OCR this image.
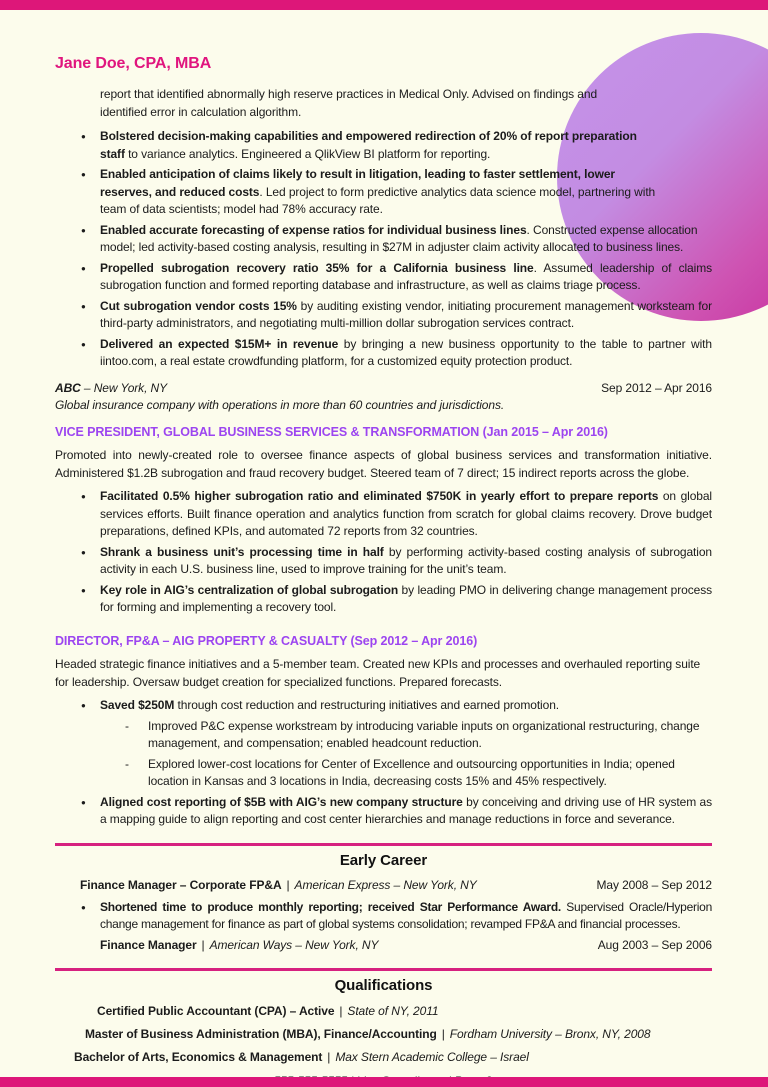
Jane Doe, CPA, MBA
report that identified abnormally high reserve practices in Medical Only. Advised on findings and identified error in calculation algorithm.
● Bolstered decision-making capabilities and empowered redirection of 20% of report preparation staff to variance analytics. Engineered a QlikView BI platform for reporting.
● Enabled anticipation of claims likely to result in litigation, leading to faster settlement, lower reserves, and reduced costs. Led project to form predictive analytics data science model, partnering with team of data scientists; model had 78% accuracy rate.
● Enabled accurate forecasting of expense ratios for individual business lines. Constructed expense allocation model; led activity-based costing analysis, resulting in $27M in adjuster claim activity allocated to business lines.
● Propelled subrogation recovery ratio 35% for a California business line. Assumed leadership of claims subrogation function and formed reporting database and infrastructure, as well as claims triage process.
● Cut subrogation vendor costs 15% by auditing existing vendor, initiating procurement management worksteam for third-party administrators, and negotiating multi-million dollar subrogation services contract.
● Delivered an expected $15M+ in revenue by bringing a new business opportunity to the table to partner with iintoo.com, a real estate crowdfunding platform, for a customized equity protection product.
ABC – New York, NY	Sep 2012 – Apr 2016
Global insurance company with operations in more than 60 countries and jurisdictions.
VICE PRESIDENT, GLOBAL BUSINESS SERVICES & TRANSFORMATION (Jan 2015 – Apr 2016)
Promoted into newly-created role to oversee finance aspects of global business services and transformation initiative. Administered $1.2B subrogation and fraud recovery budget. Steered team of 7 direct; 15 indirect reports across the globe.
● Facilitated 0.5% higher subrogation ratio and eliminated $750K in yearly effort to prepare reports on global services efforts. Built finance operation and analytics function from scratch for global claims recovery. Drove budget preparations, defined KPIs, and automated 72 reports from 32 countries.
● Shrank a business unit’s processing time in half by performing activity-based costing analysis of subrogation activity in each U.S. business line, used to improve training for the unit’s team.
● Key role in AIG’s centralization of global subrogation by leading PMO in delivering change management process for forming and implementing a recovery tool.
DIRECTOR, FP&A – AIG PROPERTY & CASUALTY (Sep 2012 – Apr 2016)
Headed strategic finance initiatives and a 5-member team. Created new KPIs and processes and overhauled reporting suite for leadership. Oversaw budget creation for specialized functions. Prepared forecasts.
● Saved $250M through cost reduction and restructuring initiatives and earned promotion.
- Improved P&C expense workstream by introducing variable inputs on organizational restructuring, change management, and compensation; enabled headcount reduction.
- Explored lower-cost locations for Center of Excellence and outsourcing opportunities in India; opened location in Kansas and 3 locations in India, decreasing costs 15% and 45% respectively.
● Aligned cost reporting of $5B with AIG’s new company structure by conceiving and driving use of HR system as a mapping guide to align reporting and cost center hierarchies and manage reductions in force and severance.
Early Career
Finance Manager – Corporate FP&A | American Express – New York, NY	May 2008 – Sep 2012
● Shortened time to produce monthly reporting; received Star Performance Award. Supervised Oracle/Hyperion change management for finance as part of global systems consolidation; revamped FP&A and financial processes.
Finance Manager | American Ways – New York, NY	Aug 2003 – Sep 2006
Qualifications
Certified Public Accountant (CPA) – Active | State of NY, 2011
Master of Business Administration (MBA), Finance/Accounting | Fordham University – Bronx, NY, 2008
Bachelor of Arts, Economics & Management | Max Stern Academic College – Israel
